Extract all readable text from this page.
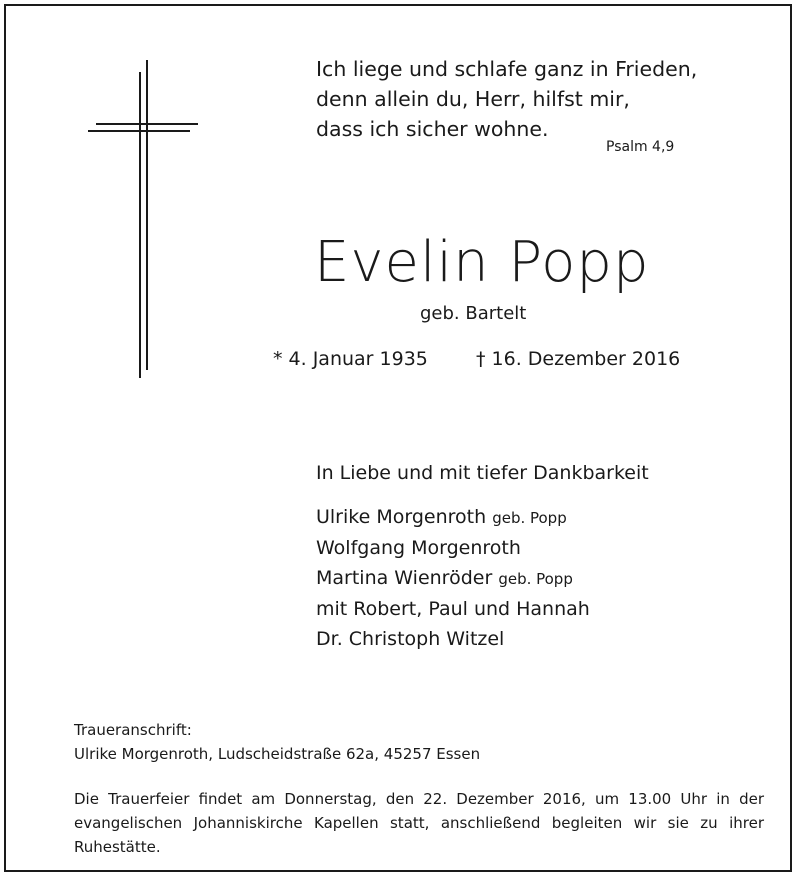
Ich liege und schlafe ganz in Frieden,
denn allein du, Herr, hilfst mir,
dass ich sicher wohne.
Psalm 4,9
Evelin Popp
geb. Bartelt
* 4. Januar 1935	† 16. Dezember 2016
In Liebe und mit tiefer Dankbarkeit
Ulrike Morgenroth geb. Popp
Wolfgang Morgenroth
Martina Wienröder geb. Popp
mit Robert, Paul und Hannah
Dr. Christoph Witzel
Traueranschrift:
Ulrike Morgenroth, Ludscheidstraße 62a, 45257 Essen
Die Trauerfeier findet am Donnerstag, den 22. Dezember 2016, um 13.00 Uhr in der evangelischen Johanniskirche Kapellen statt, anschließend begleiten wir sie zu ihrer Ruhestätte.
